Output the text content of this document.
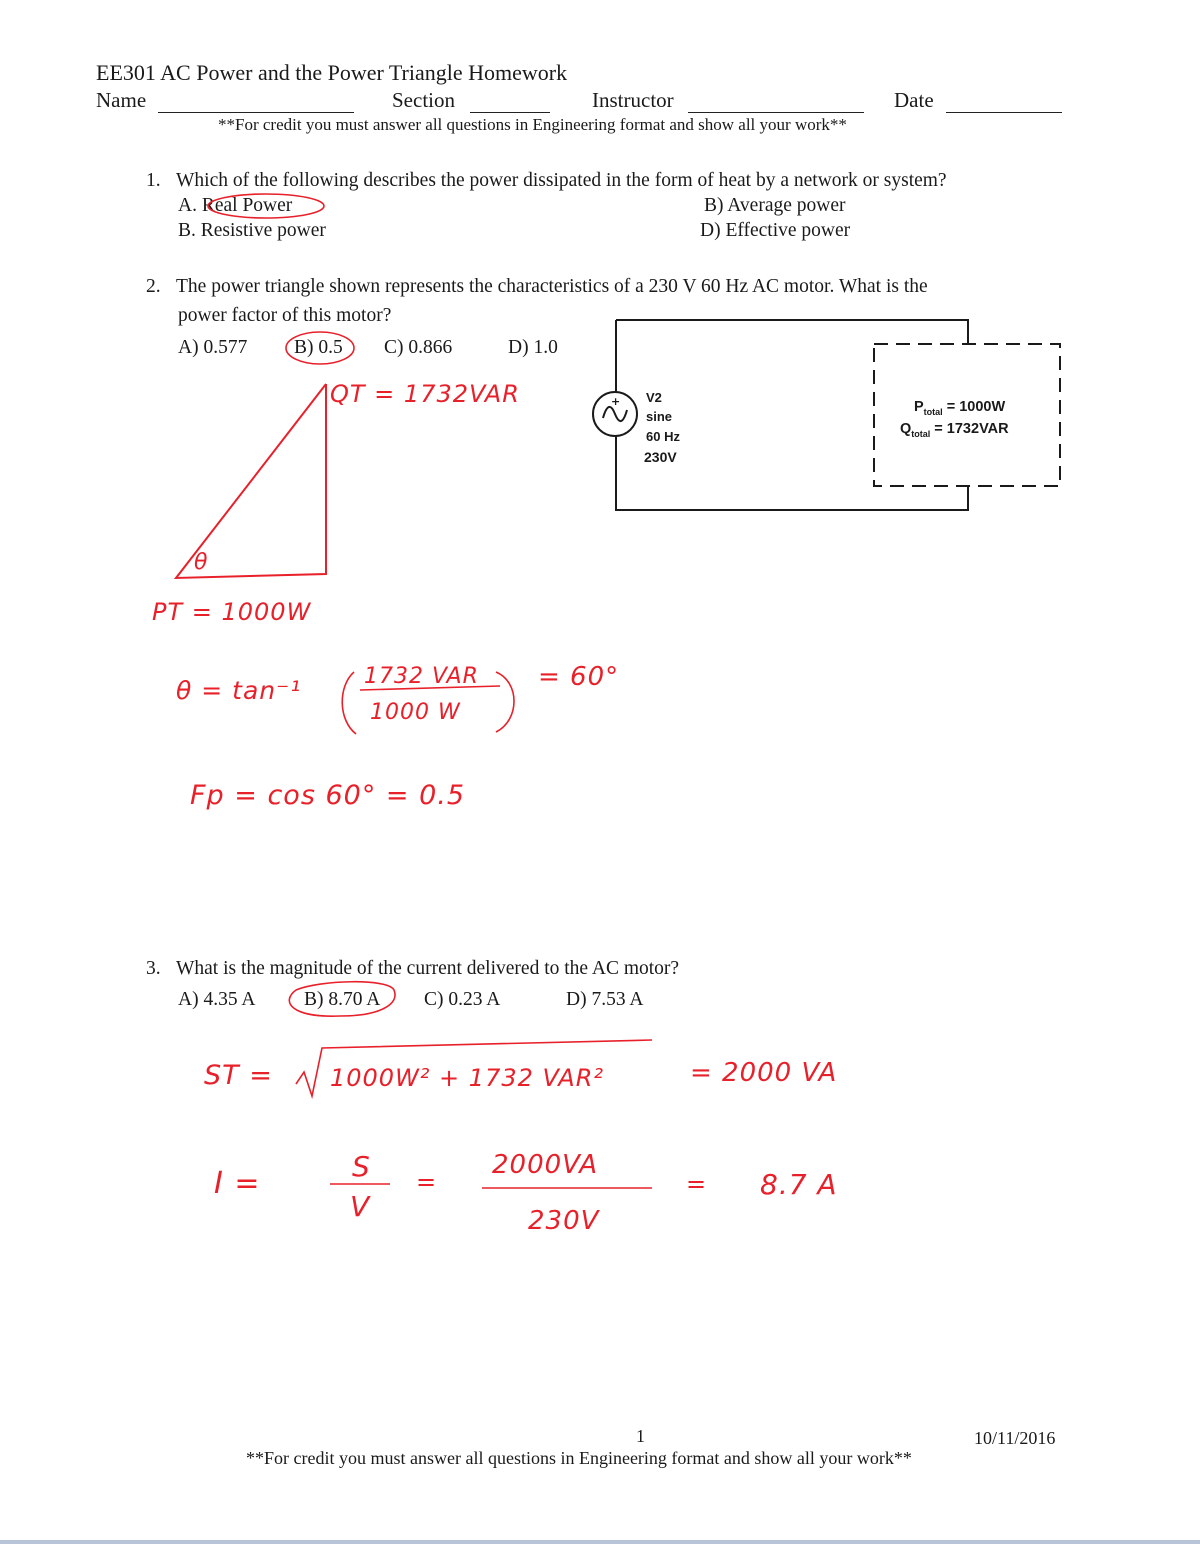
EE301 AC Power and the Power Triangle Homework
Name	Section	Instructor	Date
**For credit you must answer all questions in Engineering format and show all your work**
1. Which of the following describes the power dissipated in the form of heat by a network or system?
A. Real Power
B. Resistive power
B) Average power
D) Effective power
2. The power triangle shown represents the characteristics of a 230 V 60 Hz AC motor. What is the
power factor of this motor?
A) 0.577 B) 0.5 C) 0.866	D) 1.0
V2
sine
60 Hz
230V
$P_{total} = 1000W$
$Q_{total} = 1732VAR$
+
QT = 1732VAR
θ
PT = 1000W
θ = tan⁻¹	1732 VAR
1000 W
= 60°
Fp = cos 60° = 0.5
3. What is the magnitude of the current delivered to the AC motor?
A) 4.35 A B) 8.70 A C) 0.23 A	D) 7.53 A
ST = 1000W² + 1732 VAR²	= 2000 VA
I =	S
V
=
2000VA
230V
= 8.7 A
1	10/11/2016
**For credit you must answer all questions in Engineering format and show all your work**
